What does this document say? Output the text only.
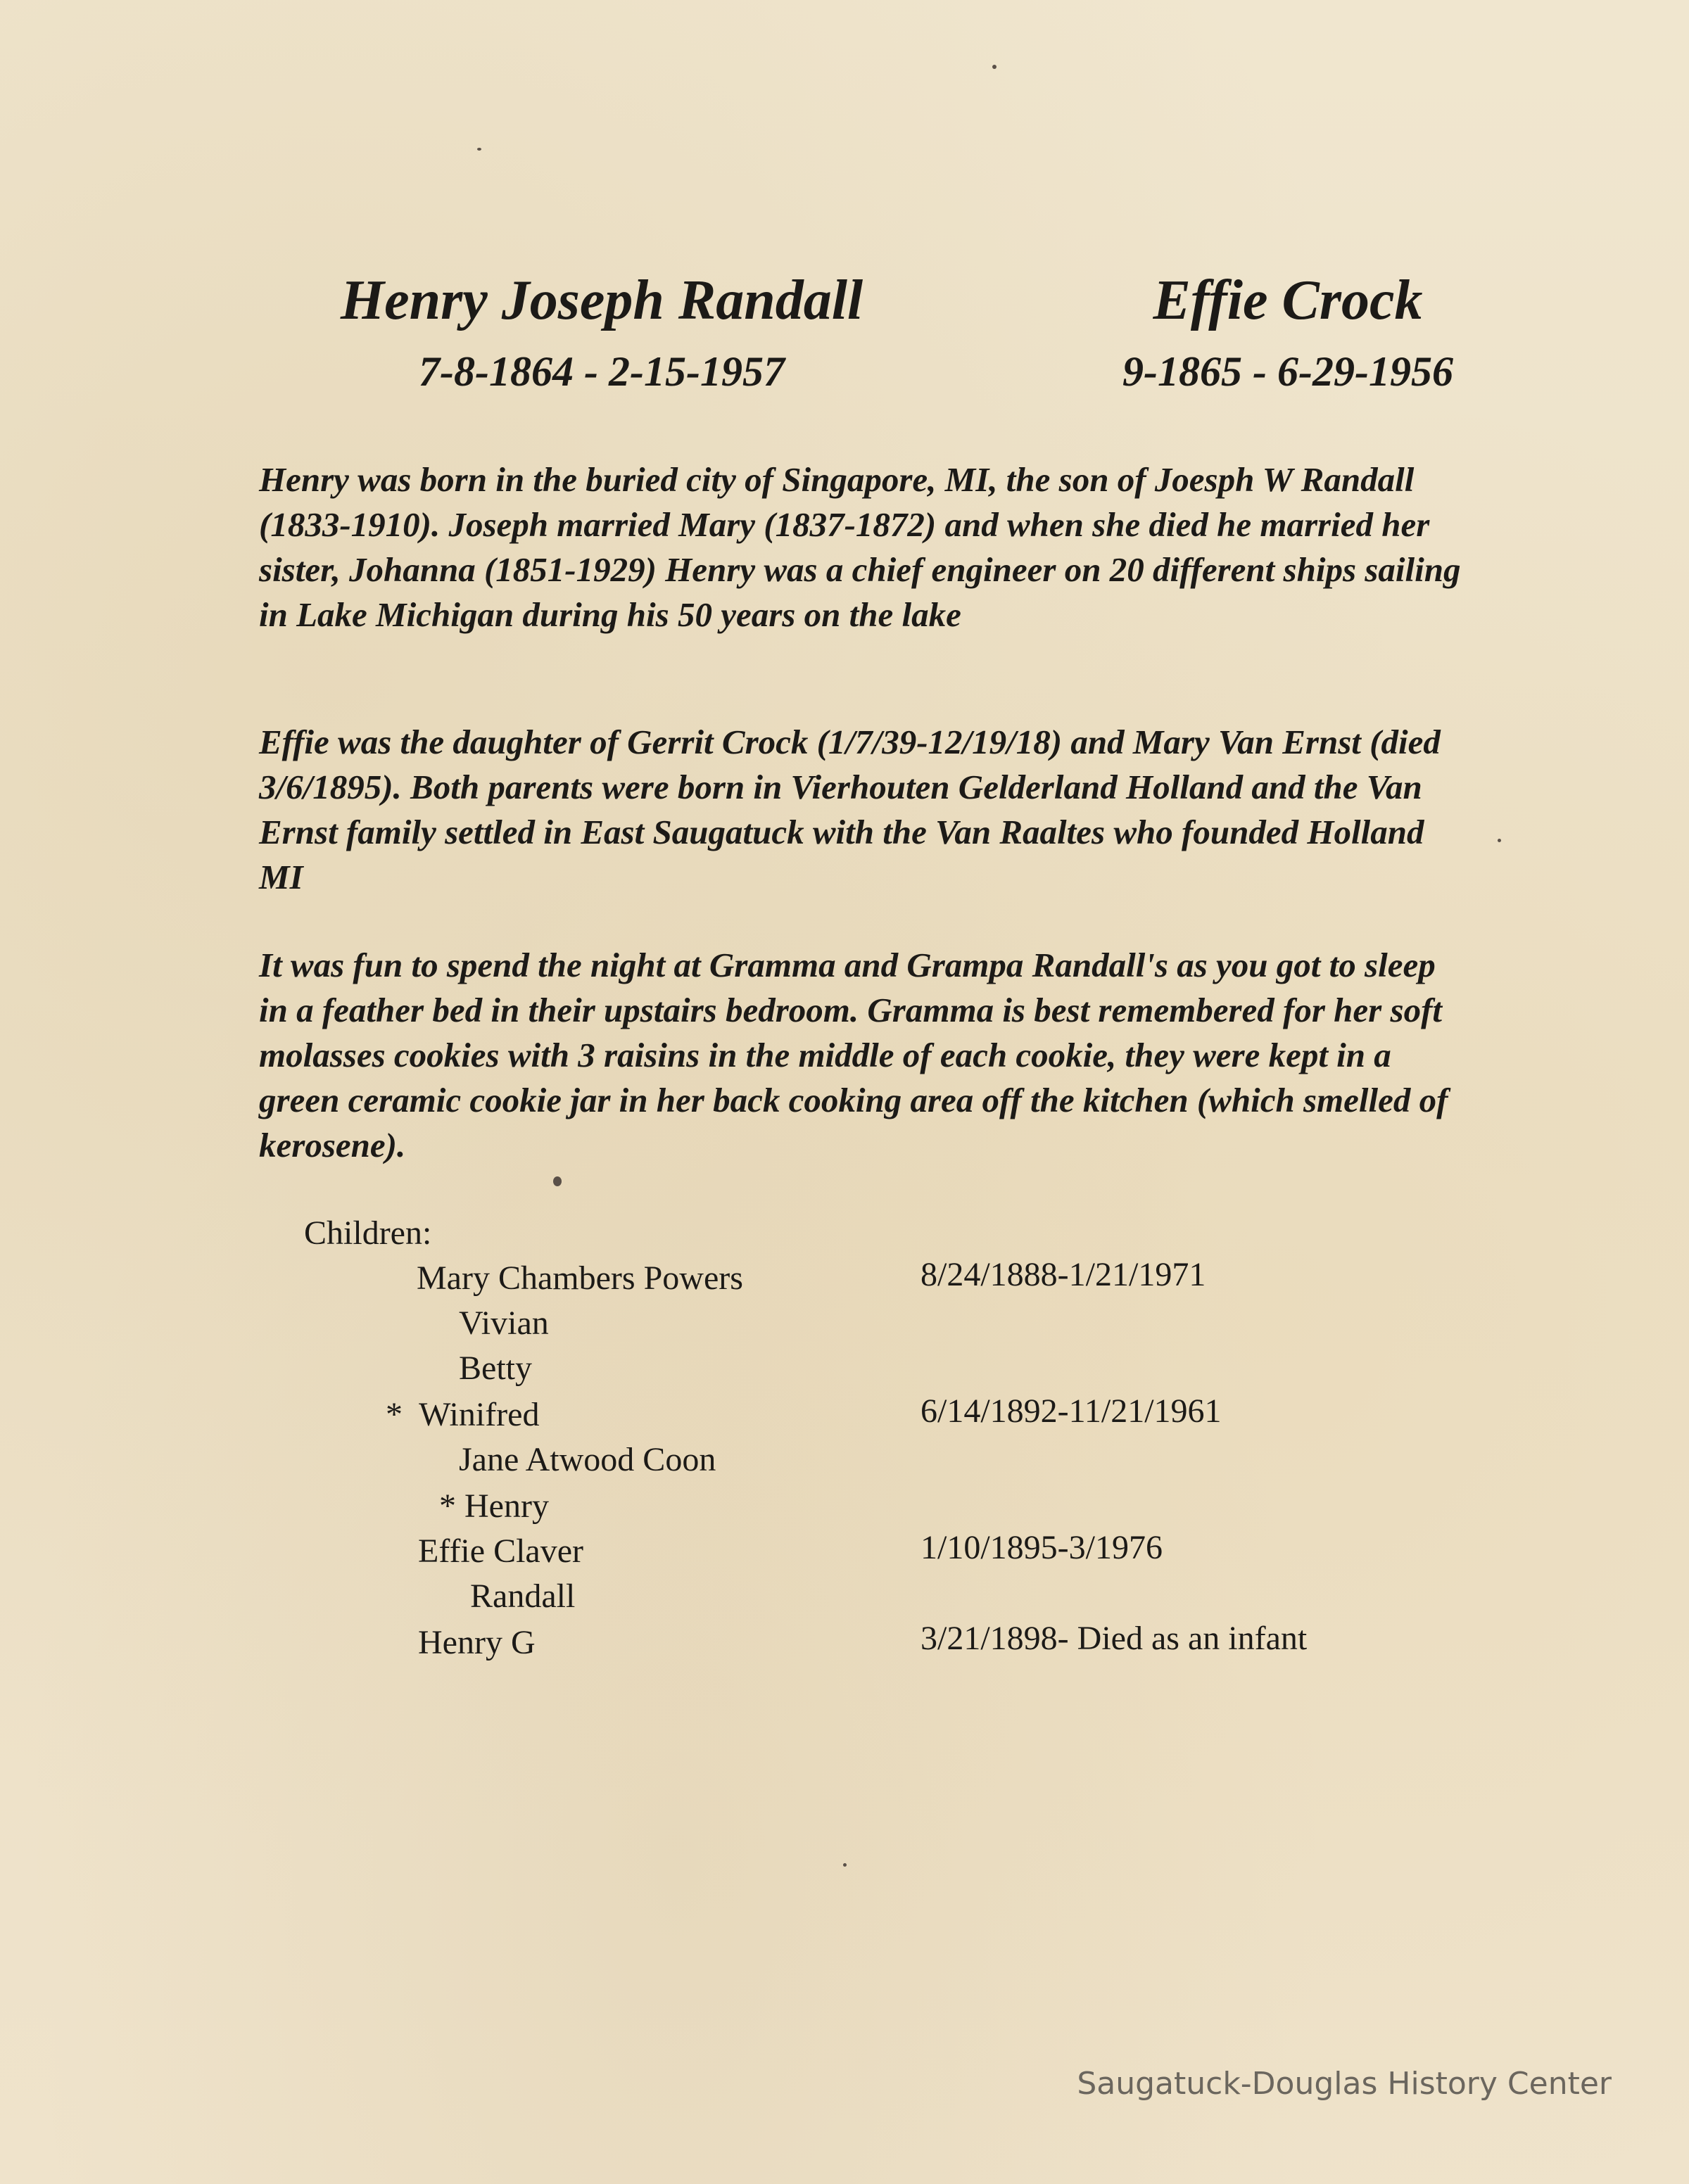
Henry Joseph Randall
7-8-1864 - 2-15-1957
Effie Crock
9-1865 - 6-29-1956

Henry was born in the buried city of Singapore, MI, the son of Joesph W Randall (1833-1910). Joseph married Mary (1837-1872) and when she died he married her sister, Johanna (1851-1929) Henry was a chief engineer on 20 different ships sailing in Lake Michigan during his 50 years on the lake

Effie was the daughter of Gerrit Crock (1/7/39-12/19/18) and Mary Van Ernst (died 3/6/1895). Both parents were born in Vierhouten Gelderland Holland and the Van Ernst family settled in East Saugatuck with the Van Raaltes who founded Holland MI

It was fun to spend the night at Gramma and Grampa Randall's as you got to sleep in a feather bed in their upstairs bedroom. Gramma is best remembered for her soft molasses cookies with 3 raisins in the middle of each cookie, they were kept in a green ceramic cookie jar in her back cooking area off the kitchen (which smelled of kerosene).

Children:
Mary Chambers Powers	8/24/1888-1/21/1971
Vivian
Betty
*  Winifred	6/14/1892-11/21/1961
Jane Atwood Coon
* Henry
Effie Claver	1/10/1895-3/1976
Randall
Henry G	3/21/1898- Died as an infant
Saugatuck-Douglas History Center
